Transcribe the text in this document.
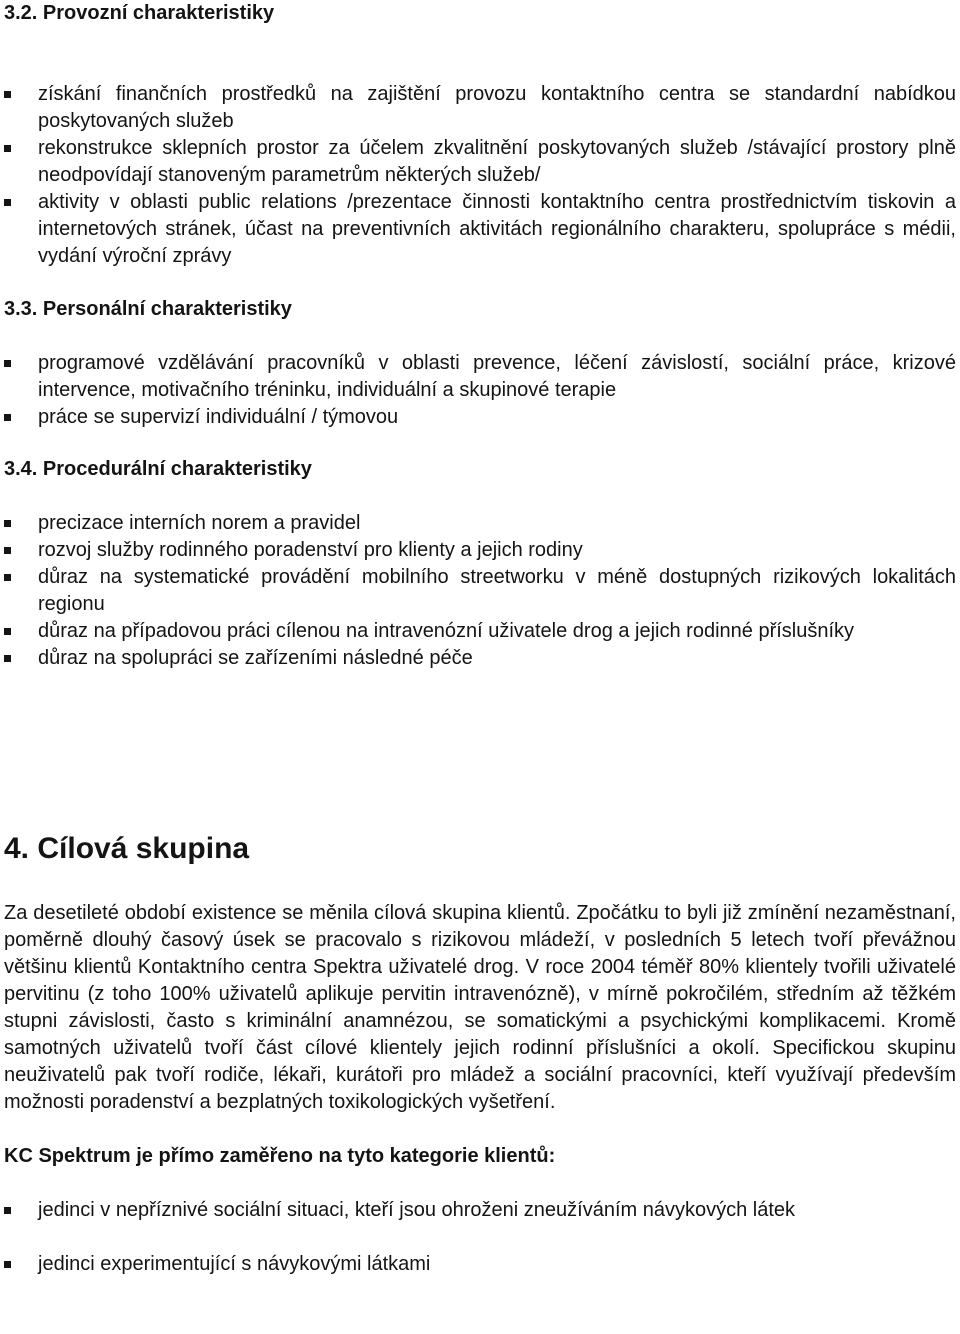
3.2. Provozní charakteristiky
získání finančních prostředků na zajištění provozu kontaktního centra se standardní nabídkou poskytovaných služeb
rekonstrukce sklepních prostor za účelem zkvalitnění poskytovaných služeb /stávající prostory plně neodpovídají stanoveným parametrům některých služeb/
aktivity v oblasti public relations /prezentace činnosti kontaktního centra prostřednictvím tiskovin a internetových stránek, účast na preventivních aktivitách regionálního charakteru, spolupráce s médii, vydání výroční zprávy
3.3. Personální charakteristiky
programové vzdělávání pracovníků v oblasti prevence, léčení závislostí, sociální práce, krizové intervence, motivačního tréninku, individuální a skupinové terapie
práce se supervizí individuální / týmovou
3.4. Procedurální charakteristiky
precizace interních norem a pravidel
rozvoj služby rodinného poradenství pro klienty a jejich rodiny
důraz na systematické provádění mobilního streetworku v méně dostupných rizikových lokalitách regionu
důraz na případovou práci cílenou na intravenózní uživatele drog a jejich rodinné příslušníky
důraz na spolupráci se zařízeními následné péče
4. Cílová skupina

Za desetileté období existence se měnila cílová skupina klientů. Zpočátku to byli již zmínění nezaměstnaní, poměrně dlouhý časový úsek se pracovalo s rizikovou mládeží, v posledních 5 letech tvoří převážnou většinu klientů Kontaktního centra Spektra uživatelé drog. V roce 2004 téměř 80% klientely tvořili uživatelé pervitinu (z toho 100% uživatelů aplikuje pervitin intravenózně), v mírně pokročilém, středním až těžkém stupni závislosti, často s kriminální anamnézou, se somatickými a psychickými komplikacemi. Kromě samotných uživatelů tvoří část cílové klientely jejich rodinní příslušníci a okolí. Specifickou skupinu neuživatelů pak tvoří rodiče, lékaři, kurátoři pro mládež a sociální pracovníci, kteří využívají především možnosti poradenství a bezplatných toxikologických vyšetření.

KC Spektrum je přímo zaměřeno na tyto kategorie klientů:

jedinci v nepříznivé sociální situaci, kteří jsou ohroženi zneužíváním návykových látek
jedinci experimentující s návykovými látkami
